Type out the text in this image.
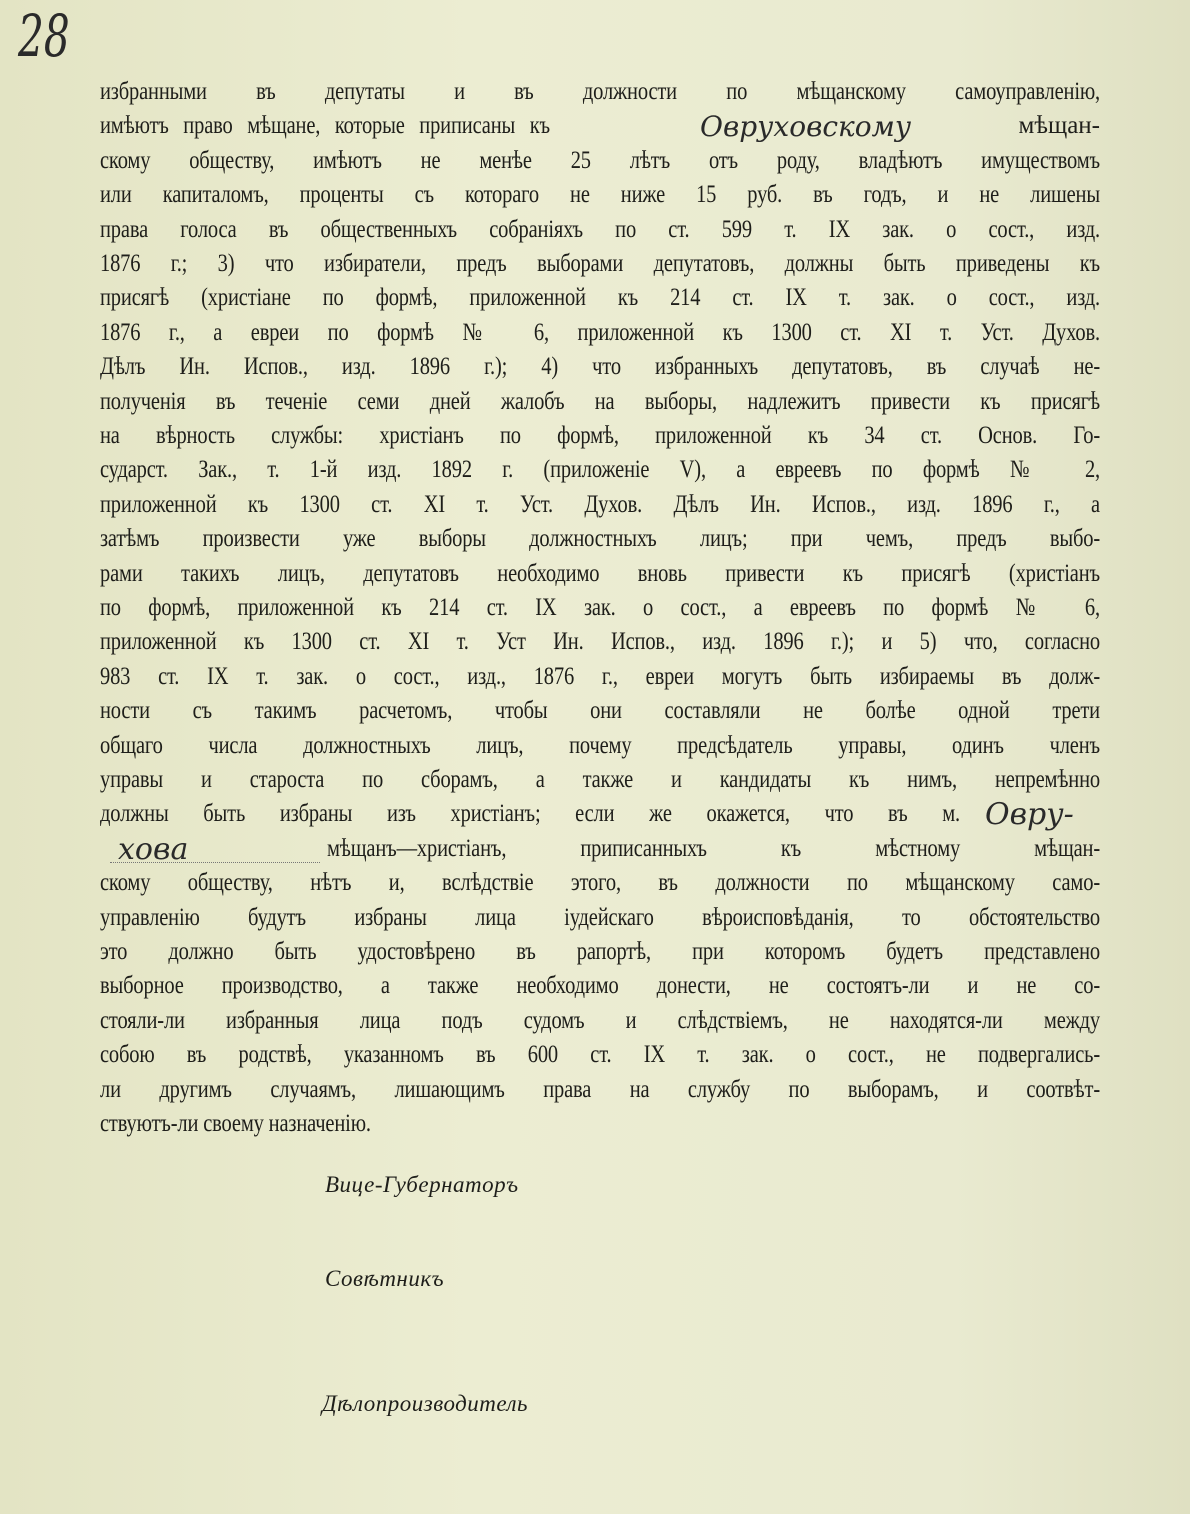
28
избранными въ депутаты и въ должности по мѣщанскому самоуправленію,
имѣютъ право мѣщане, которые приписаны къ	мѣщан-
скому обществу, имѣютъ не менѣе 25 лѣтъ отъ роду, владѣютъ имуществомъ
или капиталомъ, проценты съ котораго не ниже 15 руб. въ годъ, и не лишены
права голоса въ общественныхъ собраніяхъ по ст. 599 т. IX зак. о сост., изд.
1876 г.; 3) что избиратели, предъ выборами депутатовъ, должны быть приведены къ
присягѣ (христіане по формѣ, приложенной къ 214 ст. IX т. зак. о сост., изд.
1876 г., а евреи по формѣ № 6, приложенной къ 1300 ст. XI т. Уст. Духов.
Дѣлъ Ин. Испов., изд. 1896 г.); 4) что избранныхъ депутатовъ, въ случаѣ не-
полученія въ теченіе семи дней жалобъ на выборы, надлежитъ привести къ присягѣ
на вѣрность службы: христіанъ по формѣ, приложенной къ 34 ст. Основ. Го-
сударст. Зак., т. 1-й изд. 1892 г. (приложеніе V), а евреевъ по формѣ № 2,
приложенной къ 1300 ст. XI т. Уст. Духов. Дѣлъ Ин. Испов., изд. 1896 г., а
затѣмъ произвести уже выборы должностныхъ лицъ; при чемъ, предъ выбо-
рами такихъ лицъ, депутатовъ необходимо вновь привести къ присягѣ (христіанъ
по формѣ, приложенной къ 214 ст. IX зак. о сост., а евреевъ по формѣ № 6,
приложенной къ 1300 ст. XI т. Уст Ин. Испов., изд. 1896 г.); и 5) что, согласно
983 ст. IX т. зак. о сост., изд., 1876 г., евреи могутъ быть избираемы въ долж-
ности съ такимъ расчетомъ, чтобы они составляли не болѣе одной трети
общаго числа должностныхъ лицъ, почему предсѣдатель управы, одинъ членъ
управы и староста по сборамъ, а также и кандидаты къ нимъ, непремѣнно
должны быть избраны изъ христіанъ; если же окажется, что въ м.
мѣщанъ—христіанъ, приписанныхъ къ мѣстному мѣщан-
скому обществу, нѣтъ и, вслѣдствіе этого, въ должности по мѣщанскому само-
управленію будутъ избраны лица іудейскаго вѣроисповѣданія, то обстоятельство
это должно быть удостовѣрено въ рапортѣ, при которомъ будетъ представлено
выборное производство, а также необходимо донести, не состоятъ-ли и не со-
стояли-ли избранныя лица подъ судомъ и слѣдствіемъ, не находятся-ли между
собою въ родствѣ, указанномъ въ 600 ст. IX т. зак. о сост., не подвергались-
ли другимъ случаямъ, лишающимъ права на службу по выборамъ, и соотвѣт-
ствуютъ-ли своему назначенію.
Овруховскому
Овру-
хова
Вице-Губернаторъ
Совѣтникъ
Дѣлопроизводитель
